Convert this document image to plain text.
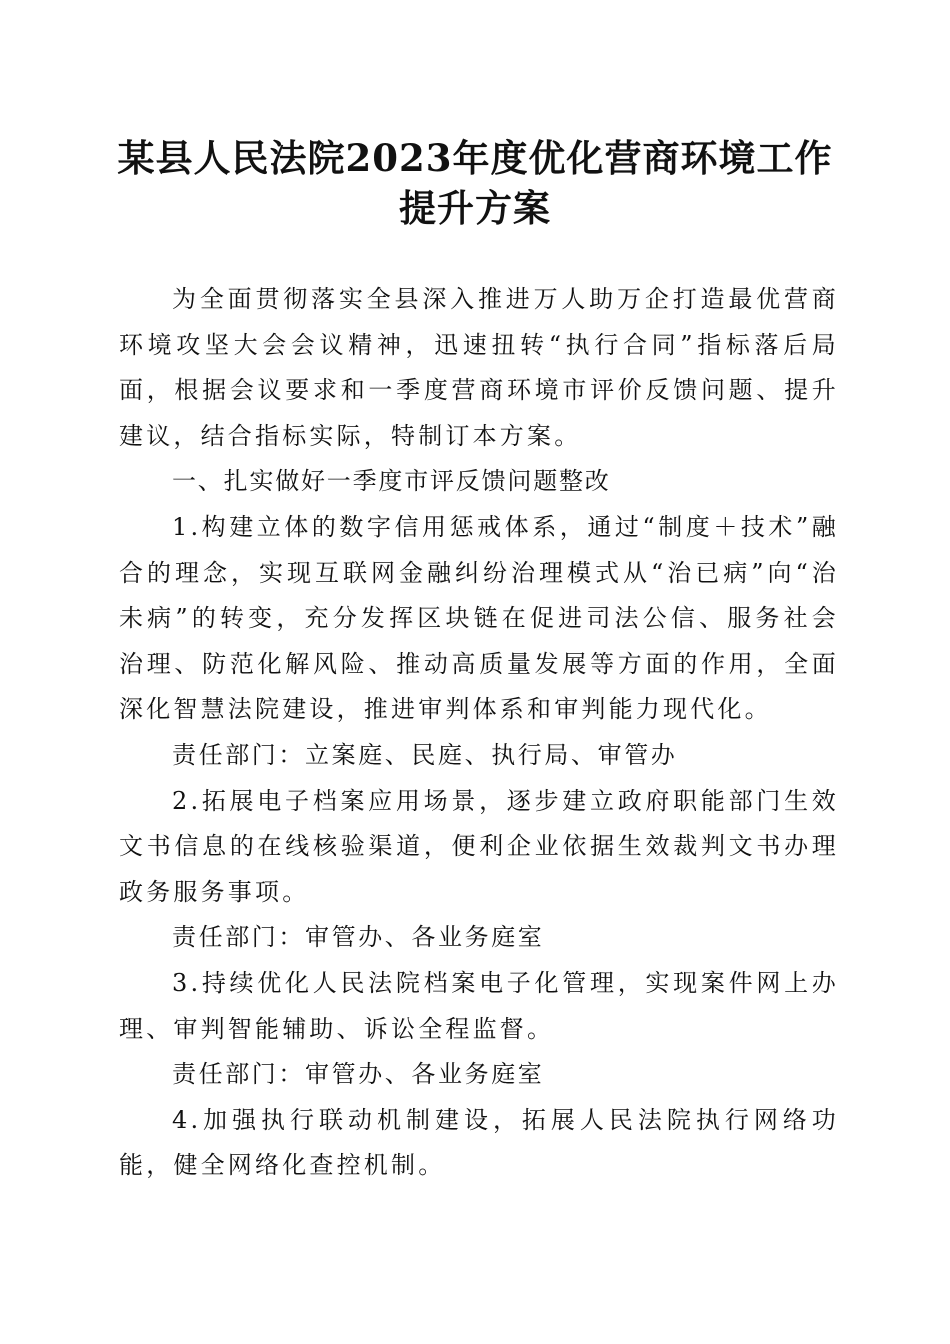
某县人民法院2023年度优化营商环境工作提升方案

为全面贯彻落实全县深入推进万人助万企打造最优营商环境攻坚大会会议精神，迅速扭转“执行合同”指标落后局面，根据会议要求和一季度营商环境市评价反馈问题、提升建议，结合指标实际，特制订本方案。

一、扎实做好一季度市评反馈问题整改

1.构建立体的数字信用惩戒体系，通过“制度＋技术”融合的理念，实现互联网金融纠纷治理模式从“治已病”向“治未病”的转变，充分发挥区块链在促进司法公信、服务社会治理、防范化解风险、推动高质量发展等方面的作用，全面深化智慧法院建设，推进审判体系和审判能力现代化。

责任部门：立案庭、民庭、执行局、审管办

2.拓展电子档案应用场景，逐步建立政府职能部门生效文书信息的在线核验渠道，便利企业依据生效裁判文书办理政务服务事项。

责任部门：审管办、各业务庭室

3.持续优化人民法院档案电子化管理，实现案件网上办理、审判智能辅助、诉讼全程监督。

责任部门：审管办、各业务庭室

4.加强执行联动机制建设，拓展人民法院执行网络功能，健全网络化查控机制。
